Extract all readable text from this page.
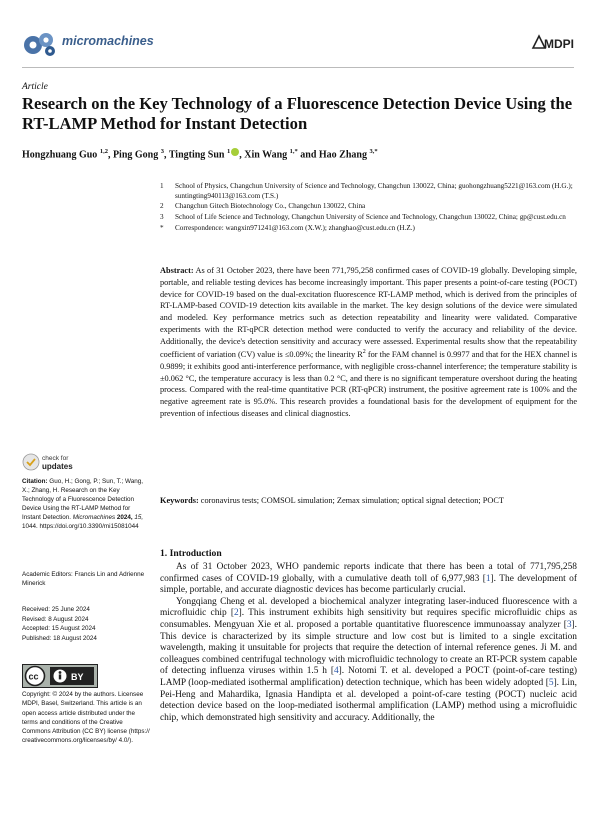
micromachines	MDPI
Article
Research on the Key Technology of a Fluorescence Detection Device Using the RT-LAMP Method for Instant Detection
Hongzhuang Guo $^{1,2}$, Ping Gong $^3$, Tingting Sun $^1$ , Xin Wang $^{1,*}$ and Hao Zhang $^{3,*}$
1	School of Physics, Changchun University of Science and Technology, Changchun 130022, China; guohongzhuang5221@163.com (H.G.); suntingting940113@163.com (T.S.)
2	Changchun Gitech Biotechnology Co., Changchun 130022, China
3	School of Life Science and Technology, Changchun University of Science and Technology, Changchun 130022, China; gp@cust.edu.cn
*	Correspondence: wangxin971241@163.com (X.W.); zhanghao@cust.edu.cn (H.Z.)
Abstract: As of 31 October 2023, there have been 771,795,258 confirmed cases of COVID-19 globally. Developing simple, portable, and reliable testing devices has become increasingly important. This paper presents a point-of-care testing (POCT) device for COVID-19 based on the dual-excitation fluorescence RT-LAMP method, which is derived from the principles of RT-LAMP-based COVID-19 detection kits available in the market. The key design solutions of the device were simulated and modeled. Key performance metrics such as detection repeatability and linearity were validated. Comparative experiments with the RT-qPCR detection method were conducted to verify the accuracy and reliability of the device. Additionally, the device's detection sensitivity and accuracy were assessed. Experimental results show that the repeatability coefficient of variation (CV) value is ≤0.09%; the linearity $R^2$ for the FAM channel is 0.9977 and that for the HEX channel is 0.9899; it exhibits good anti-interference performance, with negligible cross-channel interference; the temperature stability is ±0.062 °C, the temperature accuracy is less than 0.2 °C, and there is no significant temperature overshoot during the heating process. Compared with the real-time quantitative PCR (RT-qPCR) instrument, the positive agreement rate is 100% and the negative agreement rate is 95.0%. This research provides a foundational basis for the development of equipment for the prevention of infectious diseases and clinical diagnostics.
Keywords: coronavirus tests; COMSOL simulation; Zemax simulation; optical signal detection; POCT
check for
updates
Citation: Guo, H.; Gong, P.; Sun, T.; Wang, X.; Zhang, H. Research on the Key Technology of a Fluorescence Detection Device Using the RT-LAMP Method for Instant Detection. Micromachines 2024, 15, 1044. https://doi.org/10.3390/mi15081044
Academic Editors: Francis Lin and Adrienne Minerick
Received: 25 June 2024
Revised: 8 August 2024
Accepted: 15 August 2024
Published: 18 August 2024
cc	BY
Copyright: © 2024 by the authors. Licensee MDPI, Basel, Switzerland. This article is an open access article distributed under the terms and conditions of the Creative Commons Attribution (CC BY) license (https:// creativecommons.org/licenses/by/ 4.0/).
1. Introduction

As of 31 October 2023, WHO pandemic reports indicate that there has been a total of 771,795,258 confirmed cases of COVID-19 globally, with a cumulative death toll of 6,977,983 [1]. The development of simple, portable, and accurate diagnostic devices has become particularly crucial.

Yongqiang Cheng et al. developed a biochemical analyzer integrating laser-induced fluorescence with a microfluidic chip [2]. This instrument exhibits high sensitivity but requires specific microfluidic chips as consumables. Mengyuan Xie et al. proposed a portable quantitative fluorescence immunoassay analyzer [3]. This device is characterized by its simple structure and low cost but is limited to a single excitation wavelength, making it unsuitable for projects that require the detection of internal reference genes. Ji M. and colleagues combined centrifugal technology with microfluidic technology to create an RT-PCR system capable of detecting influenza viruses within 1.5 h [4]. Notomi T. et al. developed a POCT (point-of-care testing) LAMP (loop-mediated isothermal amplification) detection technique, which has been widely adopted [5]. Lin, Pei-Heng and Mahardika, Ignasia Handipta et al. developed a point-of-care testing (POCT) nucleic acid detection device based on the loop-mediated isothermal amplification (LAMP) method using a microfluidic chip, which demonstrated high sensitivity and accuracy. Additionally, the
